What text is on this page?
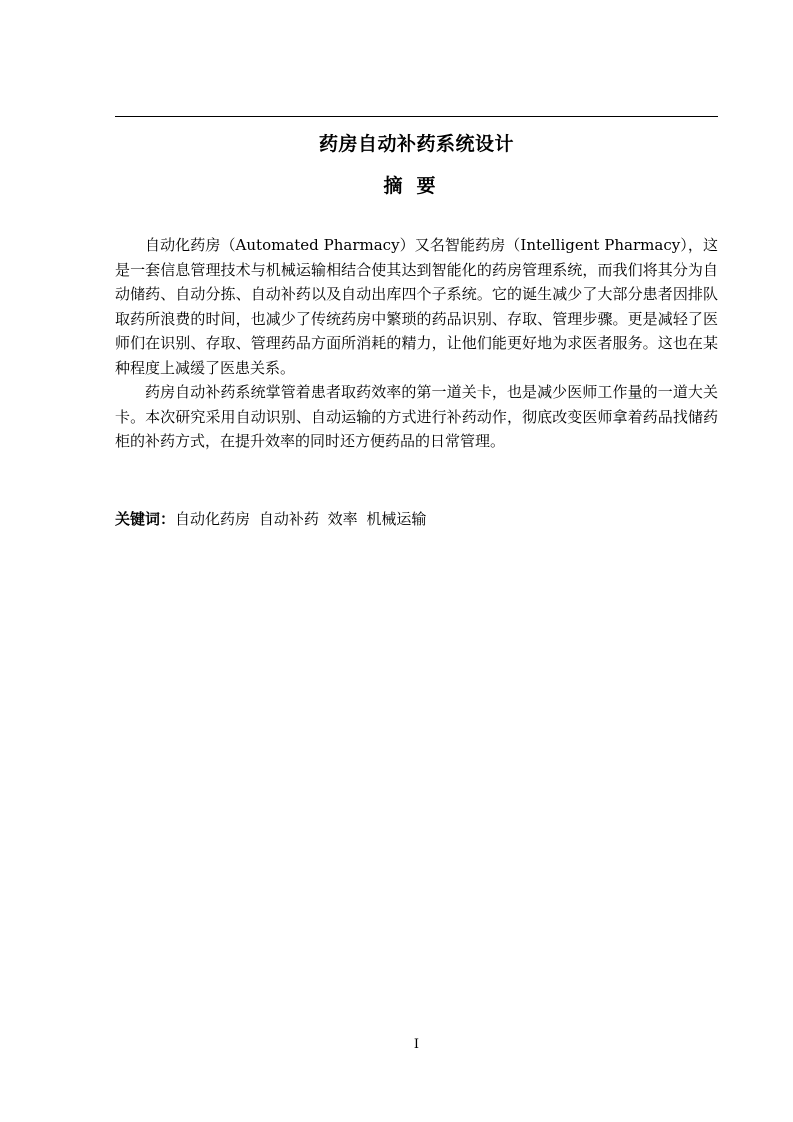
药房自动补药系统设计
摘要

自动化药房（Automated Pharmacy）又名智能药房（Intelligent Pharmacy），这是一套信息管理技术与机械运输相结合使其达到智能化的药房管理系统，而我们将其分为自动储药、自动分拣、自动补药以及自动出库四个子系统。它的诞生减少了大部分患者因排队取药所浪费的时间，也减少了传统药房中繁琐的药品识别、存取、管理步骤。更是减轻了医师们在识别、存取、管理药品方面所消耗的精力，让他们能更好地为求医者服务。这也在某种程度上减缓了医患关系。

药房自动补药系统掌管着患者取药效率的第一道关卡，也是减少医师工作量的一道大关卡。本次研究采用自动识别、自动运输的方式进行补药动作，彻底改变医师拿着药品找储药柜的补药方式，在提升效率的同时还方便药品的日常管理。

关键词：自动化药房 自动补药 效率 机械运输
I
